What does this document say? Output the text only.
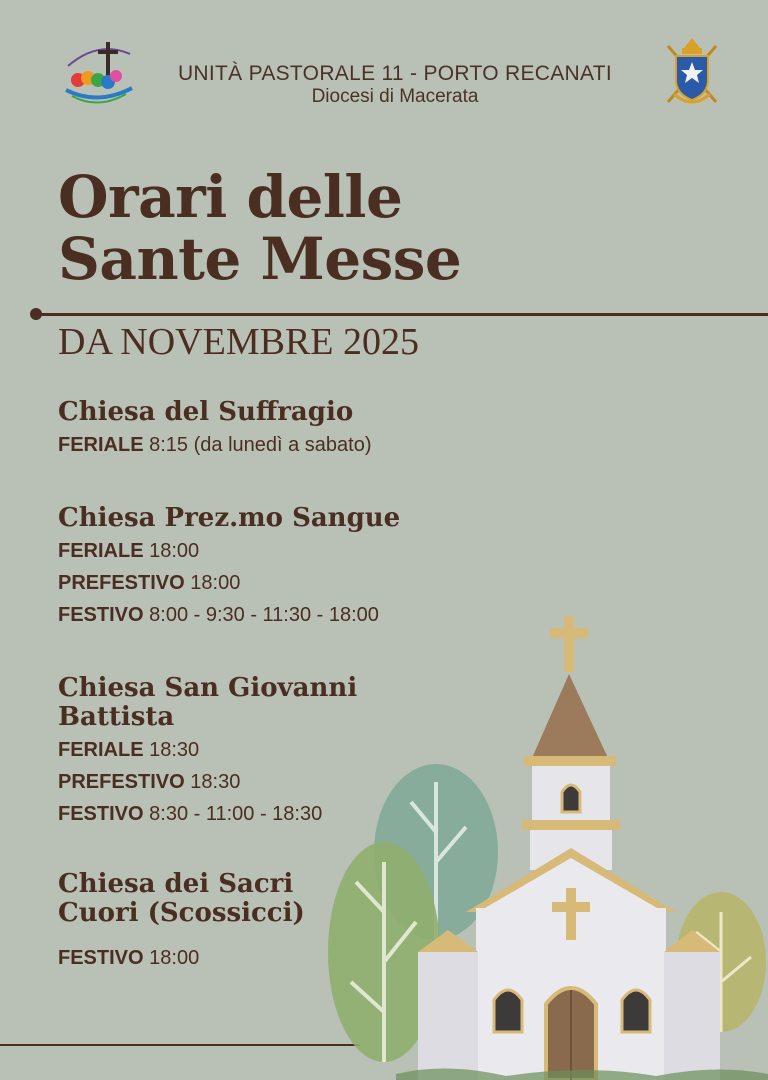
UNITÀ PASTORALE 11 - PORTO RECANATI
Diocesi di Macerata
Orari delle
Sante Messe
DA NOVEMBRE 2025
Chiesa del Suffragio
FERIALE 8:15 (da lunedì a sabato)
Chiesa Prez.mo Sangue
FERIALE 18:00
PREFESTIVO 18:00
FESTIVO 8:00 - 9:30 - 11:30 - 18:00
Chiesa San Giovanni
Battista
FERIALE 18:30
PREFESTIVO 18:30
FESTIVO 8:30 - 11:00 - 18:30
Chiesa dei Sacri
Cuori (Scossicci)
FESTIVO 18:00
